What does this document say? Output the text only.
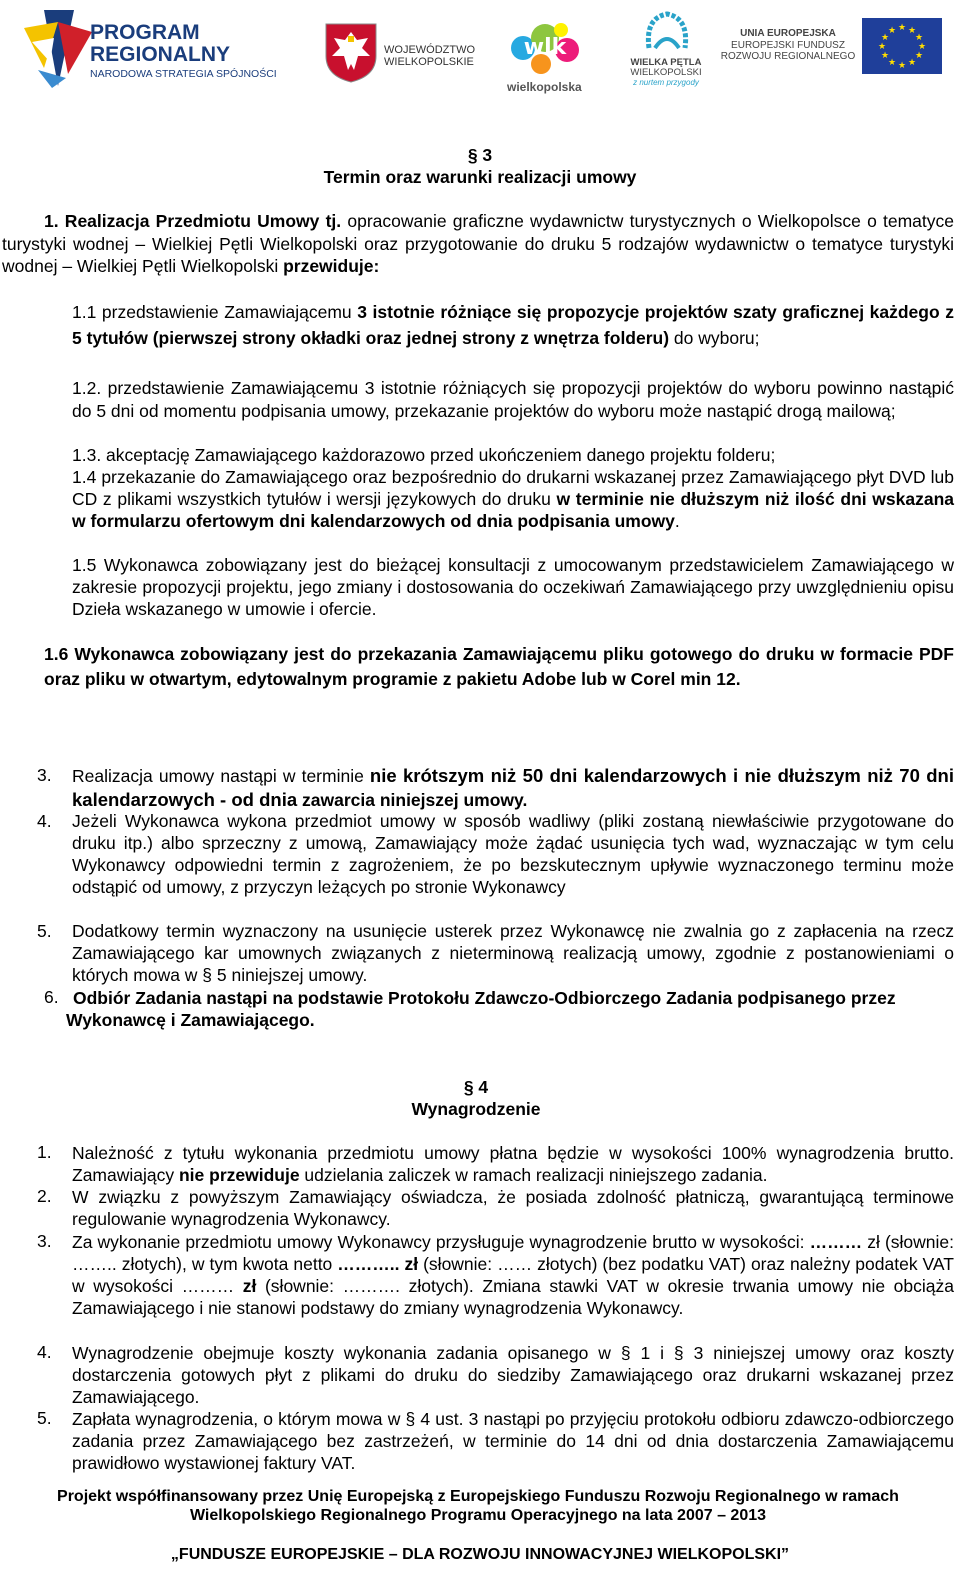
PROGRAM
REGIONALNY
NARODOWA STRATEGIA SPÓJNOŚCI
WOJEWÓDZTWO
WIELKOPOLSKIE
wlk
wielkopolska
WIELKA PĘTLA
WIELKOPOLSKI
z nurtem przygody
UNIA EUROPEJSKA
EUROPEJSKI FUNDUSZ
ROZWOJU REGIONALNEGO
★ ★
★
★
★
★
★
★
★
★
★
★
§ 3
Termin oraz warunki realizacji umowy
1. Realizacja Przedmiotu Umowy tj. opracowanie graficzne wydawnictw turystycznych o Wielkopolsce o tematyce turystyki wodnej – Wielkiej Pętli Wielkopolski oraz przygotowanie do druku 5 rodzajów wydawnictw o tematyce turystyki wodnej – Wielkiej Pętli Wielkopolski przewiduje:
1.1 przedstawienie Zamawiającemu 3 istotnie różniące się propozycje projektów szaty graficznej każdego z 5 tytułów (pierwszej strony okładki oraz jednej strony z wnętrza folderu) do wyboru;
1.2. przedstawienie Zamawiającemu 3 istotnie różniących się propozycji projektów do wyboru powinno nastąpić do 5 dni od momentu podpisania umowy, przekazanie projektów do wyboru może nastąpić drogą mailową;
1.3. akceptację Zamawiającego każdorazowo przed ukończeniem danego projektu folderu;
1.4 przekazanie do Zamawiającego oraz bezpośrednio do drukarni wskazanej przez Zamawiającego płyt DVD lub CD z plikami wszystkich tytułów i wersji językowych do druku w terminie nie dłuższym niż ilość dni wskazana w formularzu ofertowym dni kalendarzowych od dnia podpisania umowy.
1.5 Wykonawca zobowiązany jest do bieżącej konsultacji z umocowanym przedstawicielem Zamawiającego w zakresie propozycji projektu, jego zmiany i dostosowania do oczekiwań Zamawiającego przy uwzględnieniu opisu Dzieła wskazanego w umowie i ofercie.
1.6 Wykonawca zobowiązany jest do przekazania Zamawiającemu pliku gotowego do druku w formacie PDF oraz pliku w otwartym, edytowalnym programie z pakietu Adobe lub w Corel min 12.
3. Realizacja umowy nastąpi w terminie nie krótszym niż 50 dni kalendarzowych i nie dłuższym niż 70 dni kalendarzowych - od dnia zawarcia niniejszej umowy.
4. Jeżeli Wykonawca wykona przedmiot umowy w sposób wadliwy (pliki zostaną niewłaściwie przygotowane do druku itp.) albo sprzeczny z umową, Zamawiający może żądać usunięcia tych wad, wyznaczając w tym celu Wykonawcy odpowiedni termin z zagrożeniem, że po bezskutecznym upływie wyznaczonego terminu może odstąpić od umowy, z przyczyn leżących po stronie Wykonawcy
5. Dodatkowy termin wyznaczony na usunięcie usterek przez Wykonawcę nie zwalnia go z zapłacenia na rzecz Zamawiającego kar umownych związanych z nieterminową realizacją umowy, zgodnie z postanowieniami o których mowa w § 5 niniejszej umowy.
6. Odbiór Zadania nastąpi na podstawie Protokołu Zdawczo-Odbiorczego Zadania podpisanego przez Wykonawcę i Zamawiającego.
§ 4
Wynagrodzenie
1. Należność z tytułu wykonania przedmiotu umowy płatna będzie w wysokości 100% wynagrodzenia brutto. Zamawiający nie przewiduje udzielania zaliczek w ramach realizacji niniejszego zadania.
2. W związku z powyższym Zamawiający oświadcza, że posiada zdolność płatniczą, gwarantującą terminowe regulowanie wynagrodzenia Wykonawcy.
3. Za wykonanie przedmiotu umowy Wykonawcy przysługuje wynagrodzenie brutto w wysokości: ……… zł (słownie: …….. złotych), w tym kwota netto ……….. zł (słownie: …… złotych) (bez podatku VAT) oraz należny podatek VAT w wysokości ……… zł (słownie: ………. złotych). Zmiana stawki VAT w okresie trwania umowy nie obciąża Zamawiającego i nie stanowi podstawy do zmiany wynagrodzenia Wykonawcy.
4. Wynagrodzenie obejmuje koszty wykonania zadania opisanego w § 1 i § 3 niniejszej umowy oraz koszty dostarczenia gotowych płyt z plikami do druku do siedziby Zamawiającego oraz drukarni wskazanej przez Zamawiającego.
5. Zapłata wynagrodzenia, o którym mowa w § 4 ust. 3 nastąpi po przyjęciu protokołu odbioru zdawczo-odbiorczego zadania przez Zamawiającego bez zastrzeżeń, w terminie do 14 dni od dnia dostarczenia Zamawiającemu prawidłowo wystawionej faktury VAT.
Projekt współfinansowany przez Unię Europejską z Europejskiego Funduszu Rozwoju Regionalnego w ramach
Wielkopolskiego Regionalnego Programu Operacyjnego na lata 2007 – 2013
„FUNDUSZE EUROPEJSKIE – DLA ROZWOJU INNOWACYJNEJ WIELKOPOLSKI”
